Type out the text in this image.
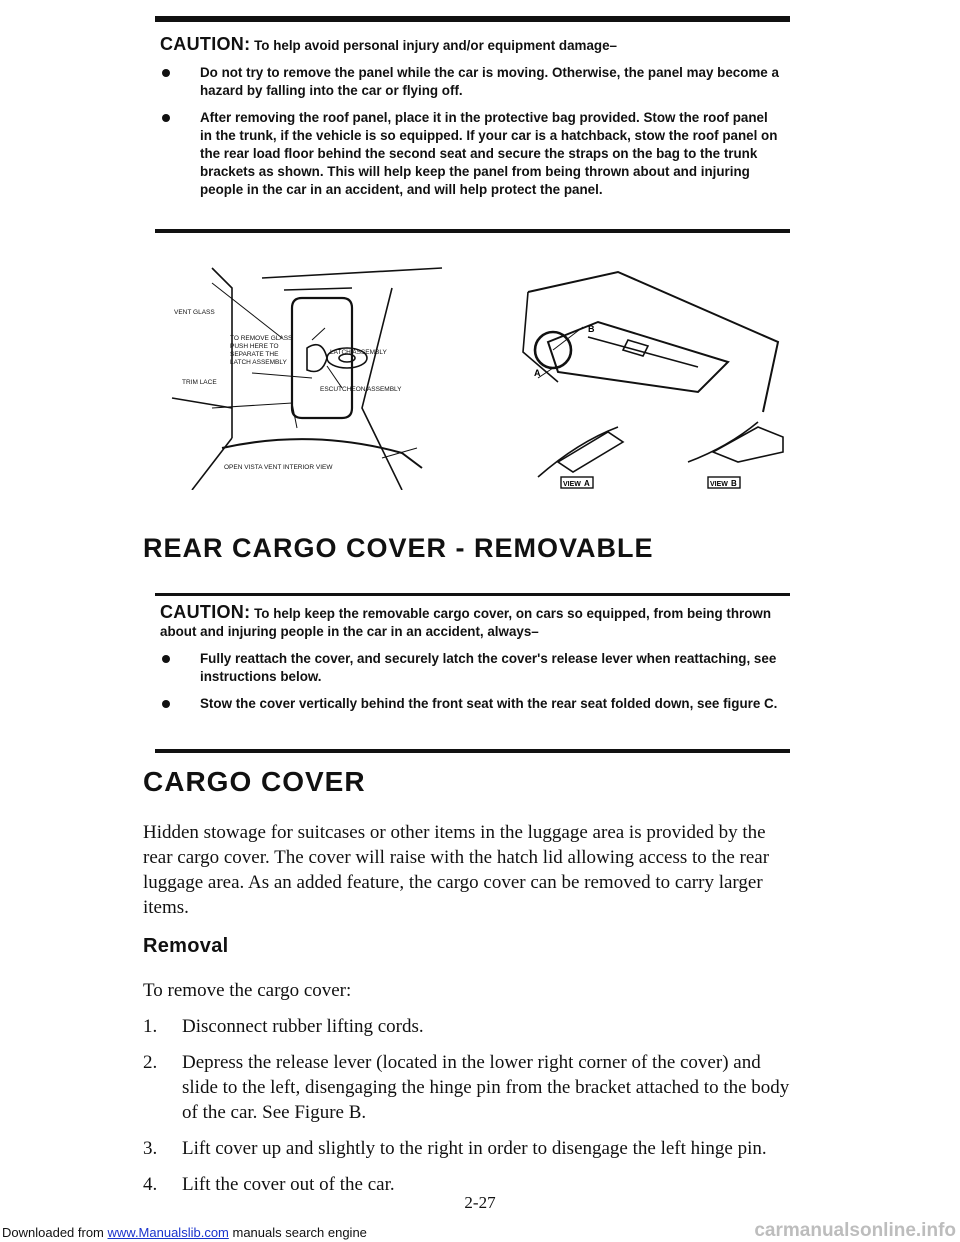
CAUTION: To help avoid personal injury and/or equipment damage–
Do not try to remove the panel while the car is moving. Otherwise, the panel may become a hazard by falling into the car or flying off.
After removing the roof panel, place it in the protective bag provided. Stow the roof panel in the trunk, if the vehicle is so equipped. If your car is a hatchback, stow the roof panel on the rear load floor behind the second seat and secure the straps on the bag to the trunk brackets as shown. This will help keep the panel from being thrown about and injuring people in the car in an accident, and will help protect the panel.
VENT GLASS
TO REMOVE GLASS
PUSH HERE TO
SEPARATE THE
LATCH ASSEMBLY
LATCH ASSEMBLY
TRIM LACE
ESCUTCHEON ASSEMBLY
OPEN VISTA VENT INTERIOR VIEW
B
A
VIEW A	VIEW B
REAR CARGO COVER - REMOVABLE
CAUTION: To help keep the removable cargo cover, on cars so equipped, from being thrown about and injuring people in the car in an accident, always–
Fully reattach the cover, and securely latch the cover's release lever when reattaching, see instructions below.
Stow the cover vertically behind the front seat with the rear seat folded down, see figure C.
CARGO COVER
Hidden stowage for suitcases or other items in the luggage area is provided by the rear cargo cover. The cover will raise with the hatch lid allowing access to the rear luggage area. As an added feature, the cargo cover can be removed to carry larger items.
Removal
To remove the cargo cover:
1. Disconnect rubber lifting cords.
2. Depress the release lever (located in the lower right corner of the cover) and slide to the left, disengaging the hinge pin from the bracket attached to the body of the car. See Figure B.
3. Lift cover up and slightly to the right in order to disengage the left hinge pin.
4. Lift the cover out of the car.
2-27
Downloaded from www.Manualslib.com manuals search engine	carmanualsonline.info
